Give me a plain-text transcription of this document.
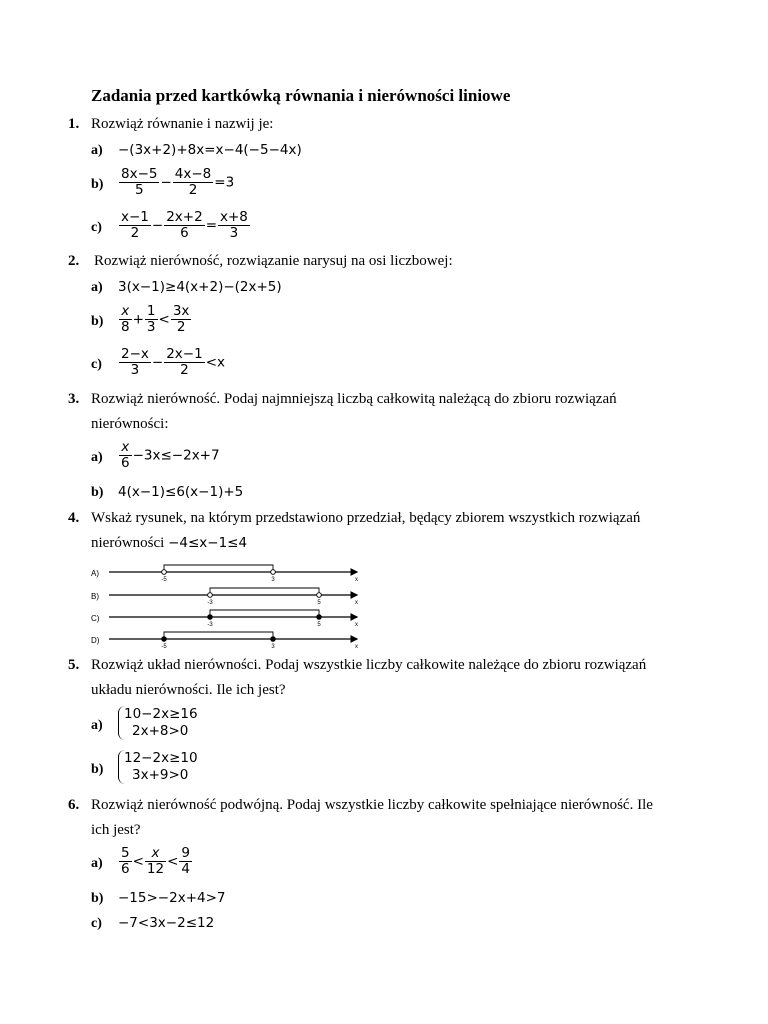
Zadania przed kartkówką równania i nierówności liniowe
1. Rozwiąż równanie i nazwij je:
a) −(3x+2)+8x=x−4(−5−4x)
$b) \frac{8x-5}{5} - \frac{4x-8}{2} =3$
$c) \frac{x-1}{2} - \frac{2x+2}{6} = \frac{x+8}{3}$
2. Rozwiąż nierówność, rozwiązanie narysuj na osi liczbowej:
a) 3(x−1)≥4(x+2)−(2x+5)
$b) \frac{x}{8} + \frac{1}{3} < \frac{3x}{2}$
$c) \frac{2-x}{3} - \frac{2x-1}{2} <x$
3. Rozwiąż nierówność. Podaj najmniejszą liczbą całkowitą należącą do zbioru rozwiązań
nierówności:
$a) \frac{x}{6} -3x\le-2x+7$
b) 4(x−1)≤6(x−1)+5
4. Wskaż rysunek, na którym przedstawiono przedział, będący zbiorem wszystkich rozwiązań
nierówności −4≤x−1≤4
A)
-5	3	x
B)
-3	5	x
C)
-3	5	x
D)
-5	3	x
5. Rozwiąż układ nierówności. Podaj wszystkie liczby całkowite należące do zbioru rozwiązań
układu nierówności. Ile ich jest?
a)
10−2x≥16
2x+8>0
b)
12−2x≥10
3x+9>0
6. Rozwiąż nierówność podwójną. Podaj wszystkie liczby całkowite spełniające nierówność. Ile
ich jest?
$a) \frac{5}{6} < \frac{x}{12} < \frac{9}{4}$
b) −15>−2x+4>7
c) −7<3x−2≤12
